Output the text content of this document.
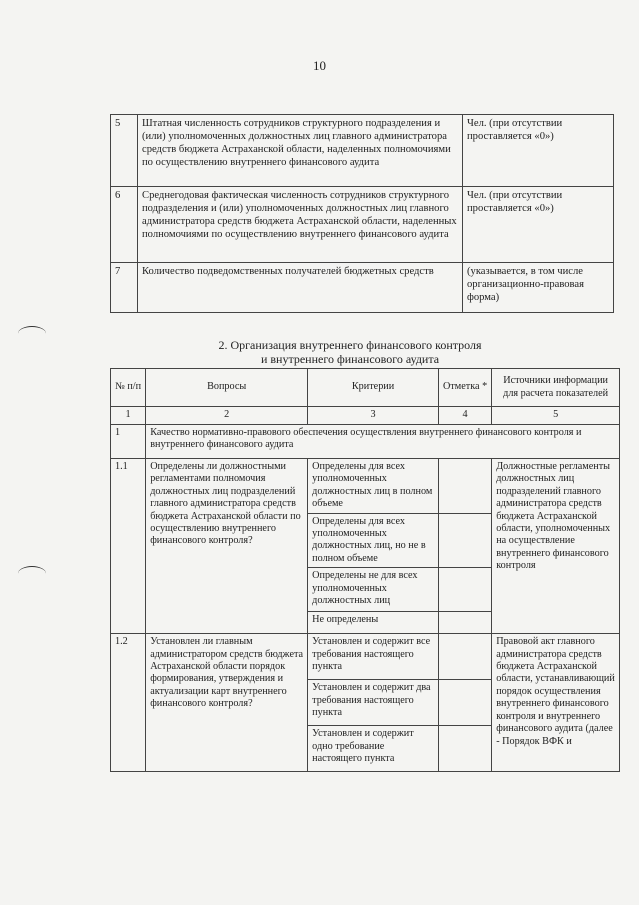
10
5	Штатная численность сотрудников структурного подразделения и (или) уполномоченных должностных лиц главного администратора средств бюджета Астраханской области, наделенных полномочиями по осуществлению внутреннего финансового аудита	Чел. (при отсутствии проставляется «0»)
6	Среднегодовая фактическая численность сотрудников структурного подразделения и (или) уполномоченных должностных лиц главного администратора средств бюджета Астраханской области, наделенных полномочиями по осуществлению внутреннего финансового аудита	Чел. (при отсутствии проставляется «0»)
7	Количество подведомственных получателей бюджетных средств	(указывается, в том числе организационно-правовая форма)
2. Организация внутреннего финансового контроля
и внутреннего финансового аудита
№ п/п	Вопросы	Критерии	Отметка *	Источники информации для расчета показателей
1	2	3	4	5
1	Качество нормативно-правового обеспечения осуществления внутреннего финансового контроля и внутреннего финансового аудита			
1.1	Определены ли должностными регламентами полномочия должностных лиц подразделений главного администратора средств бюджета Астраханской области по осуществлению внутреннего финансового контроля?	Определены для всех уполномоченных должностных лиц в полном объеме		Должностные регламенты должностных лиц подразделений главного администратора средств бюджета Астраханской области, уполномоченных на осуществление внутреннего финансового контроля
		Определены для всех уполномоченных должностных лиц, но не в полном объеме		
		Определены не для всех уполномоченных должностных лиц		
		Не определены		
1.2	Установлен ли главным администратором средств бюджета Астраханской области порядок формирования, утверждения и актуализации карт внутреннего финансового контроля?	Установлен и содержит все требования настоящего пункта		Правовой акт главного администратора средств бюджета Астраханской области, устанавливающий порядок осуществления внутреннего финансового контроля и внутреннего финансового аудита (далее - Порядок ВФК и
		Установлен и содержит два требования настоящего пункта		
		Установлен и содержит одно требование настоящего пункта		
